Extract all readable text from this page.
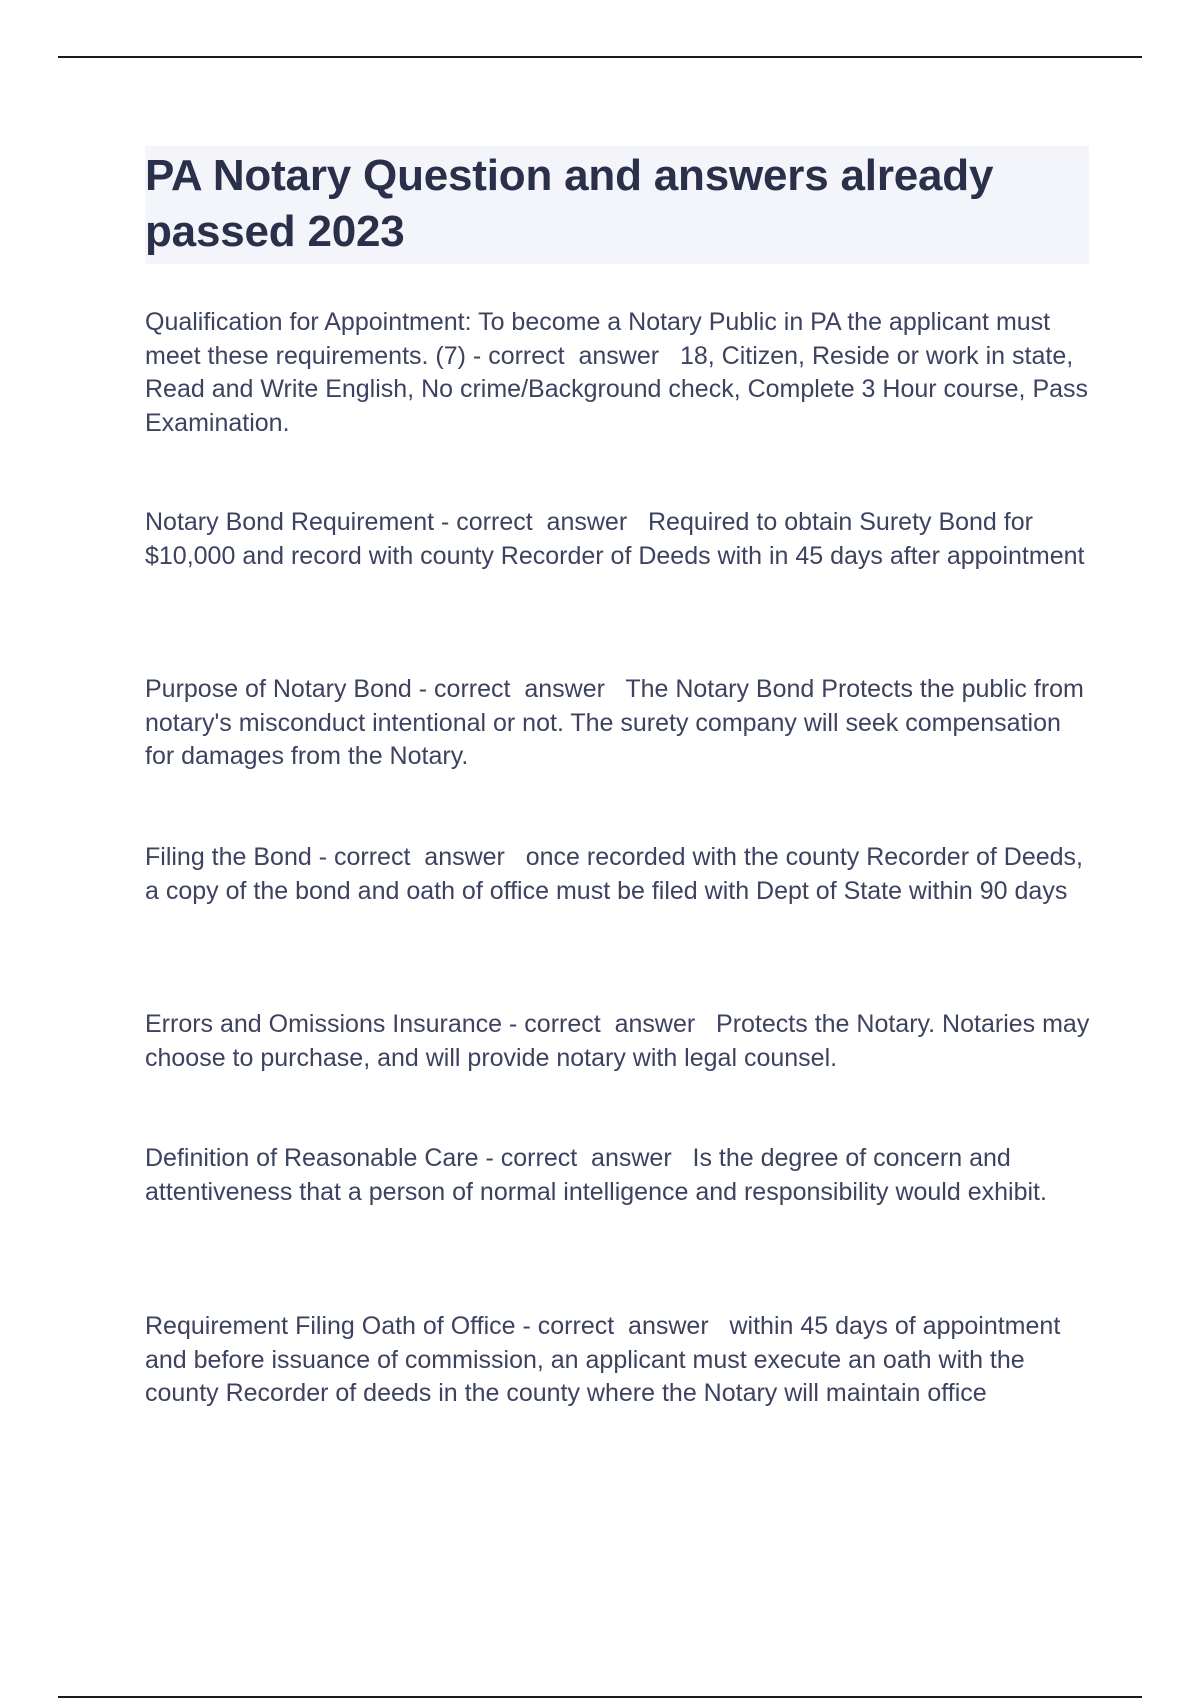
PA Notary Question and answers already passed 2023

Qualification for Appointment: To become a Notary Public in PA the applicant must meet these requirements. (7) - correct  answer   18, Citizen, Reside or work in state, Read and Write English, No crime/Background check, Complete 3 Hour course, Pass Examination.

Notary Bond Requirement - correct  answer   Required to obtain Surety Bond for $10,000 and record with county Recorder of Deeds with in 45 days after appointment

Purpose of Notary Bond - correct  answer   The Notary Bond Protects the public from notary's misconduct intentional or not. The surety company will seek compensation for damages from the Notary.

Filing the Bond - correct  answer   once recorded with the county Recorder of Deeds, a copy of the bond and oath of office must be filed with Dept of State within 90 days

Errors and Omissions Insurance - correct  answer   Protects the Notary. Notaries may choose to purchase, and will provide notary with legal counsel.

Definition of Reasonable Care - correct  answer   Is the degree of concern and attentiveness that a person of normal intelligence and responsibility would exhibit.

Requirement Filing Oath of Office - correct  answer   within 45 days of appointment and before issuance of commission, an applicant must execute an oath with the county Recorder of deeds in the county where the Notary will maintain office
